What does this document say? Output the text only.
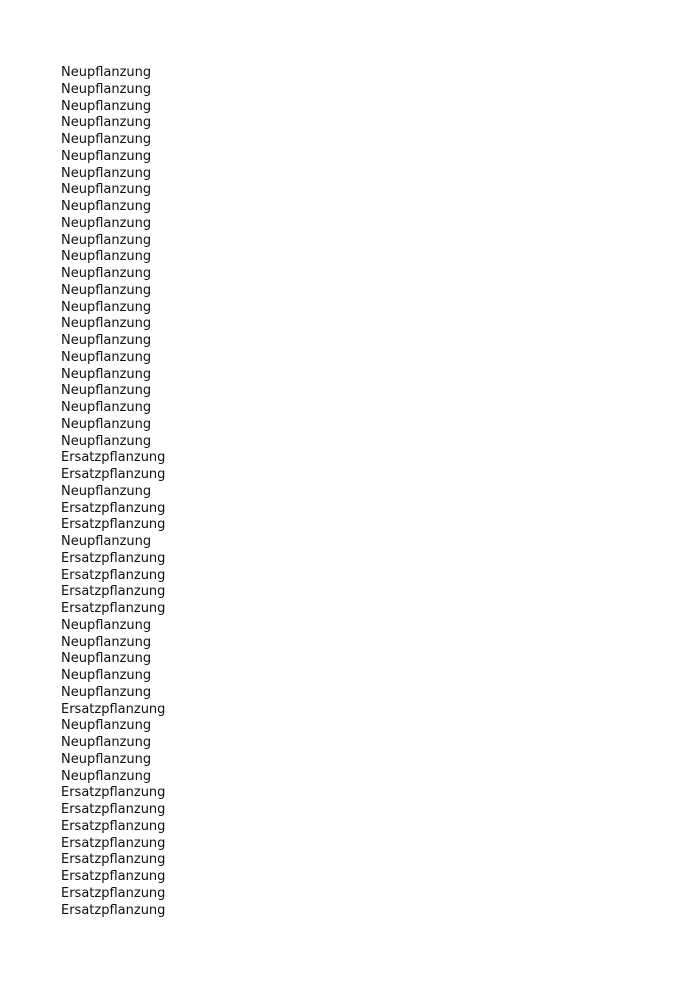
Neupflanzung
Neupflanzung
Neupflanzung
Neupflanzung
Neupflanzung
Neupflanzung
Neupflanzung
Neupflanzung
Neupflanzung
Neupflanzung
Neupflanzung
Neupflanzung
Neupflanzung
Neupflanzung
Neupflanzung
Neupflanzung
Neupflanzung
Neupflanzung
Neupflanzung
Neupflanzung
Neupflanzung
Neupflanzung
Neupflanzung
Ersatzpflanzung
Ersatzpflanzung
Neupflanzung
Ersatzpflanzung
Ersatzpflanzung
Neupflanzung
Ersatzpflanzung
Ersatzpflanzung
Ersatzpflanzung
Ersatzpflanzung
Neupflanzung
Neupflanzung
Neupflanzung
Neupflanzung
Neupflanzung
Ersatzpflanzung
Neupflanzung
Neupflanzung
Neupflanzung
Neupflanzung
Ersatzpflanzung
Ersatzpflanzung
Ersatzpflanzung
Ersatzpflanzung
Ersatzpflanzung
Ersatzpflanzung
Ersatzpflanzung
Ersatzpflanzung
